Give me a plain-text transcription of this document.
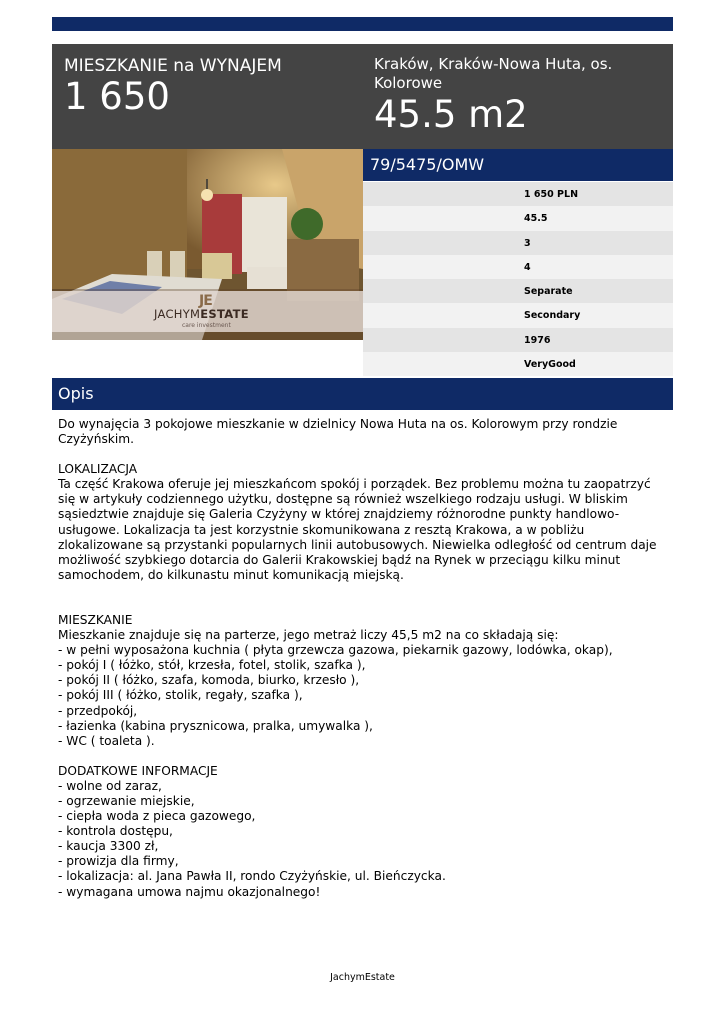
MIESZKANIE na WYNAJEM
1 650
Kraków, Kraków-Nowa Huta, os. Kolorowe
45.5 m2
JE
JACHYMESTATE
care investment
79/5475/OMW
1 650 PLN
45.5
3
4
Separate
Secondary
1976
VeryGood
Opis

Do wynajęcia 3 pokojowe mieszkanie w dzielnicy Nowa Huta na os. Kolorowym przy rondzie Czyżyńskim.

LOKALIZACJA

Ta część Krakowa oferuje jej mieszkańcom spokój i porządek. Bez problemu można tu zaopatrzyć się w artykuły codziennego użytku, dostępne są również wszelkiego rodzaju usługi. W bliskim sąsiedztwie znajduje się Galeria Czyżyny w której znajdziemy różnorodne punkty handlowo-usługowe. Lokalizacja ta jest korzystnie skomunikowana z resztą Krakowa, a w pobliżu zlokalizowane są przystanki popularnych linii autobusowych. Niewielka odległość od centrum daje możliwość szybkiego dotarcia do Galerii Krakowskiej bądź na Rynek w przeciągu kilku minut samochodem, do kilkunastu minut komunikacją miejską.

MIESZKANIE

Mieszkanie znajduje się na parterze, jego metraż liczy 45,5 m2 na co składają się:

- w pełni wyposażona kuchnia ( płyta grzewcza gazowa, piekarnik gazowy, lodówka, okap),

- pokój I ( łóżko, stół, krzesła, fotel, stolik, szafka ),

- pokój II ( łóżko, szafa, komoda, biurko, krzesło ),

- pokój III ( łóżko, stolik, regały, szafka ),

- przedpokój,

- łazienka (kabina prysznicowa, pralka, umywalka ),

- WC ( toaleta ).

DODATKOWE INFORMACJE

- wolne od zaraz,

- ogrzewanie miejskie,

- ciepła woda z pieca gazowego,

- kontrola dostępu,

- kaucja 3300 zł,

- prowizja dla firmy,

- lokalizacja: al. Jana Pawła II, rondo Czyżyńskie, ul. Bieńczycka.

- wymagana umowa najmu okazjonalnego!

JachymEstate
